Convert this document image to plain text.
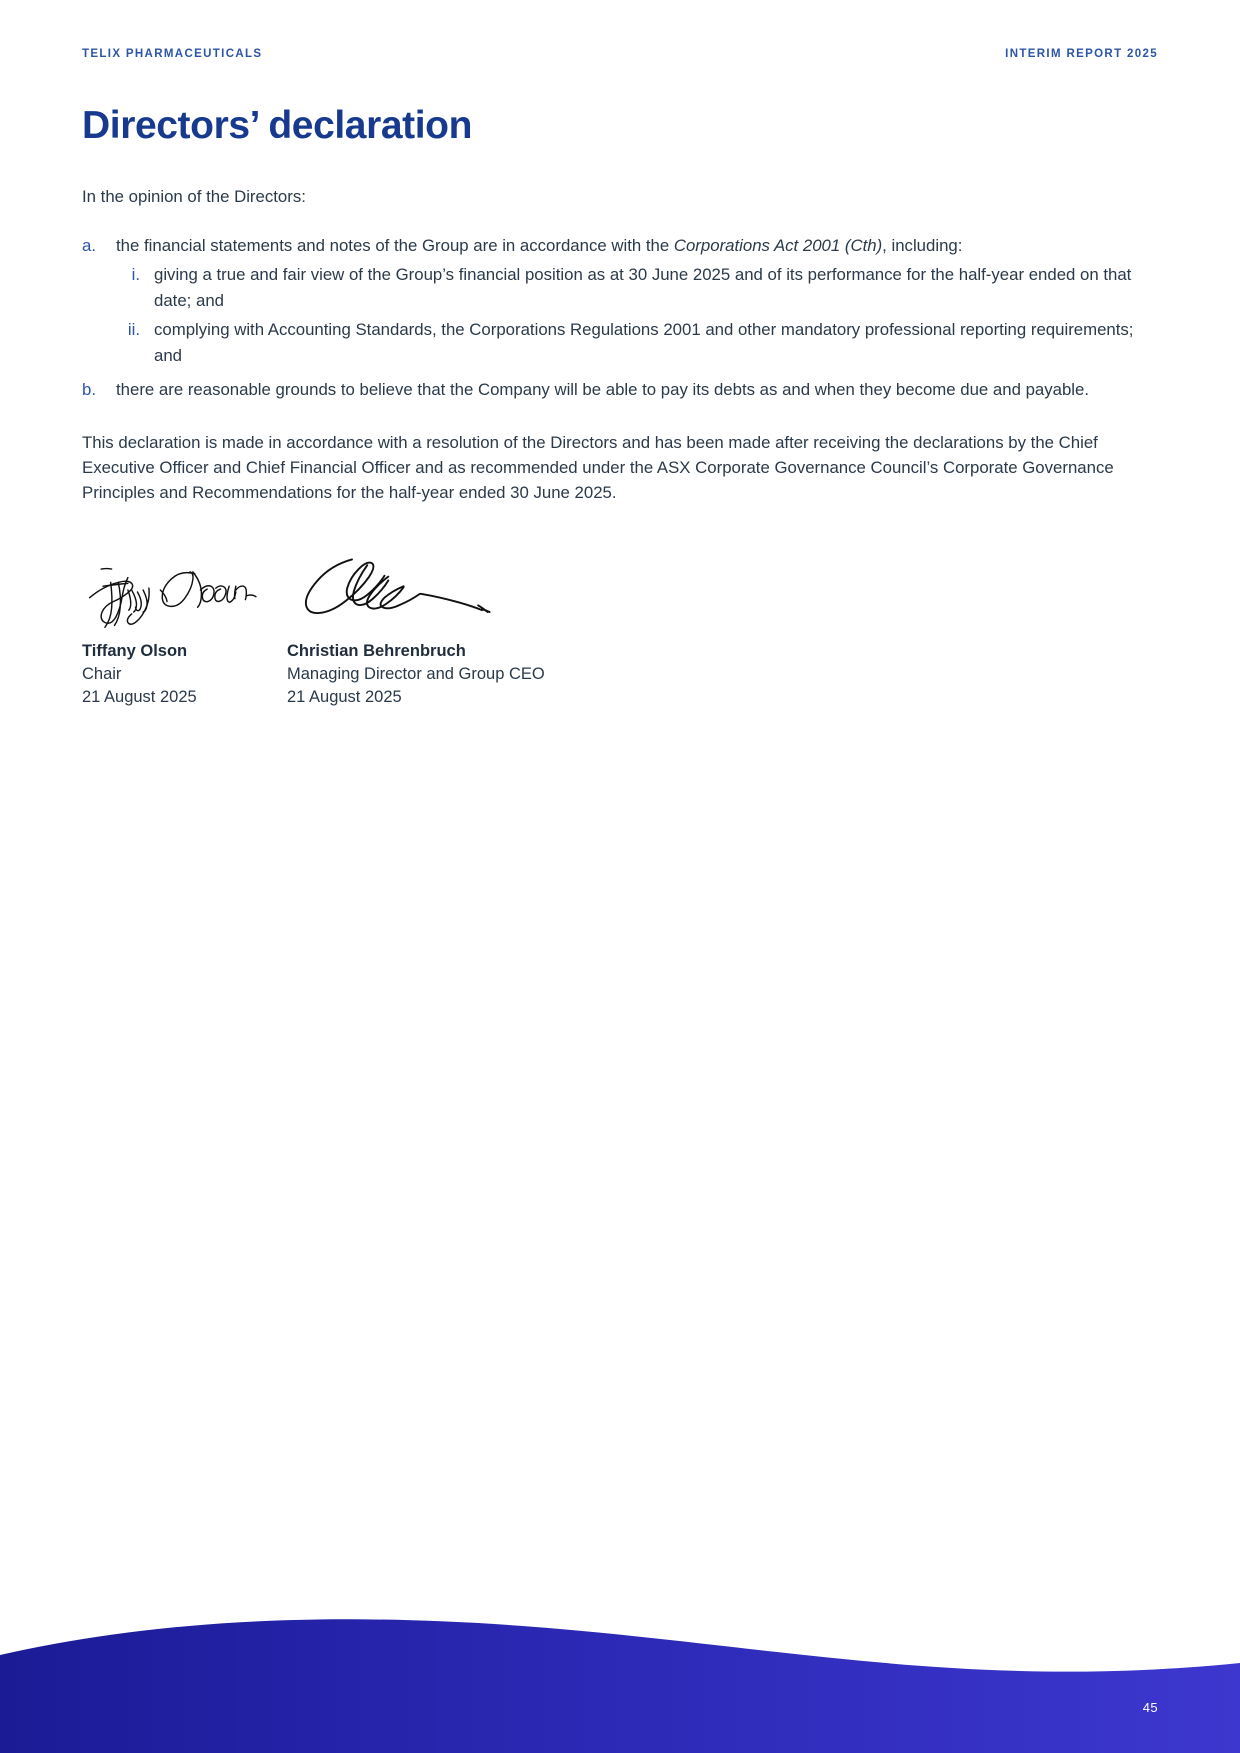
TELIX PHARMACEUTICALS	INTERIM REPORT 2025
Directors’ declaration

In the opinion of the Directors:

a. the financial statements and notes of the Group are in accordance with the Corporations Act 2001 (Cth), including:
i. giving a true and fair view of the Group’s financial position as at 30 June 2025 and of its performance for the half-year ended on that date; and
ii. complying with Accounting Standards, the Corporations Regulations 2001 and other mandatory professional reporting requirements; and
b. there are reasonable grounds to believe that the Company will be able to pay its debts as and when they become due and payable.

This declaration is made in accordance with a resolution of the Directors and has been made after receiving the declarations by the Chief Executive Officer and Chief Financial Officer and as recommended under the ASX Corporate Governance Council’s Corporate Governance Principles and Recommendations for the half-year ended 30 June 2025.

Tiffany Olson
Chair
21 August 2025
Christian Behrenbruch
Managing Director and Group CEO
21 August 2025
45
